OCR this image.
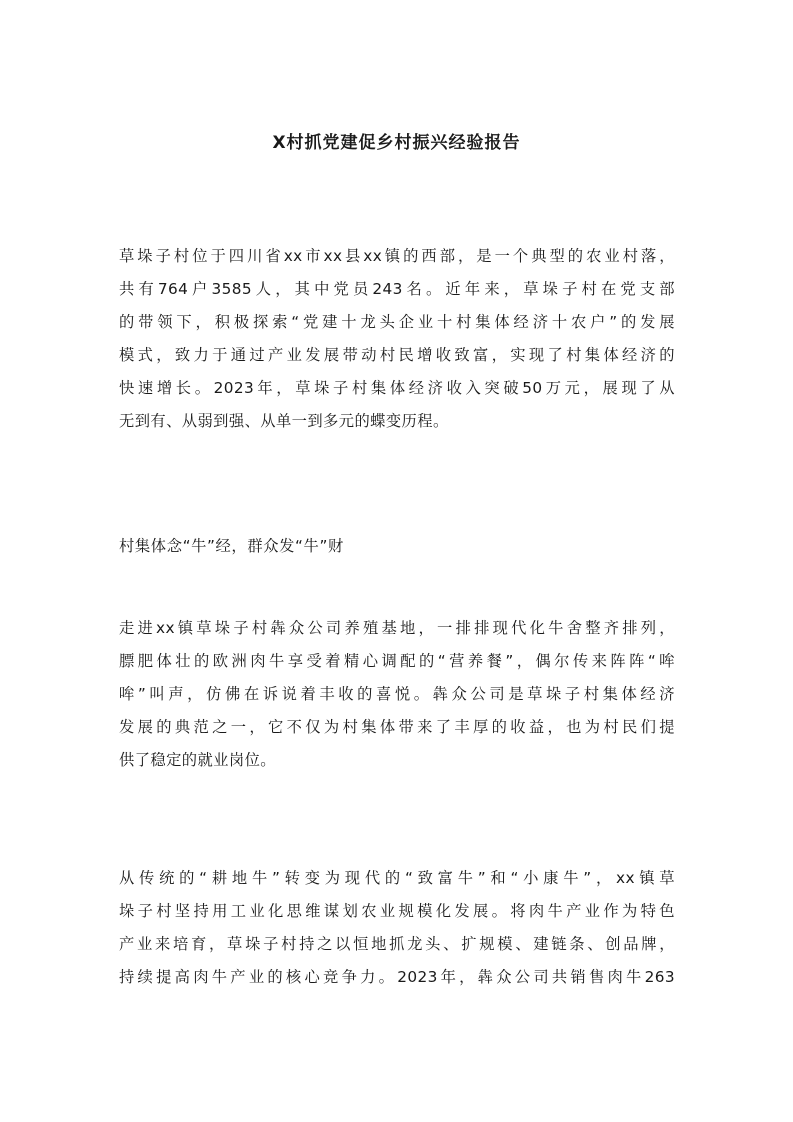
X村抓党建促乡村振兴经验报告
草垛子村位于四川省xx市xx县xx镇的西部，是一个典型的农业村落，
共有764户3585人，其中党员243名。近年来，草垛子村在党支部
的带领下，积极探索“党建十龙头企业十村集体经济十农户”的发展
模式，致力于通过产业发展带动村民增收致富，实现了村集体经济的
快速增长。2023年，草垛子村集体经济收入突破50万元，展现了从
无到有、从弱到强、从单一到多元的蝶变历程。

村集体念“牛”经，群众发“牛”财

走进xx镇草垛子村犇众公司养殖基地，一排排现代化牛舍整齐排列，
膘肥体壮的欧洲肉牛享受着精心调配的“营养餐”，偶尔传来阵阵“哞
哞”叫声，仿佛在诉说着丰收的喜悦。犇众公司是草垛子村集体经济
发展的典范之一，它不仅为村集体带来了丰厚的收益，也为村民们提
供了稳定的就业岗位。
从传统的“耕地牛”转变为现代的“致富牛”和“小康牛”，xx镇草
垛子村坚持用工业化思维谋划农业规模化发展。将肉牛产业作为特色
产业来培育，草垛子村持之以恒地抓龙头、扩规模、建链条、创品牌，
持续提高肉牛产业的核心竞争力。2023年，犇众公司共销售肉牛263
